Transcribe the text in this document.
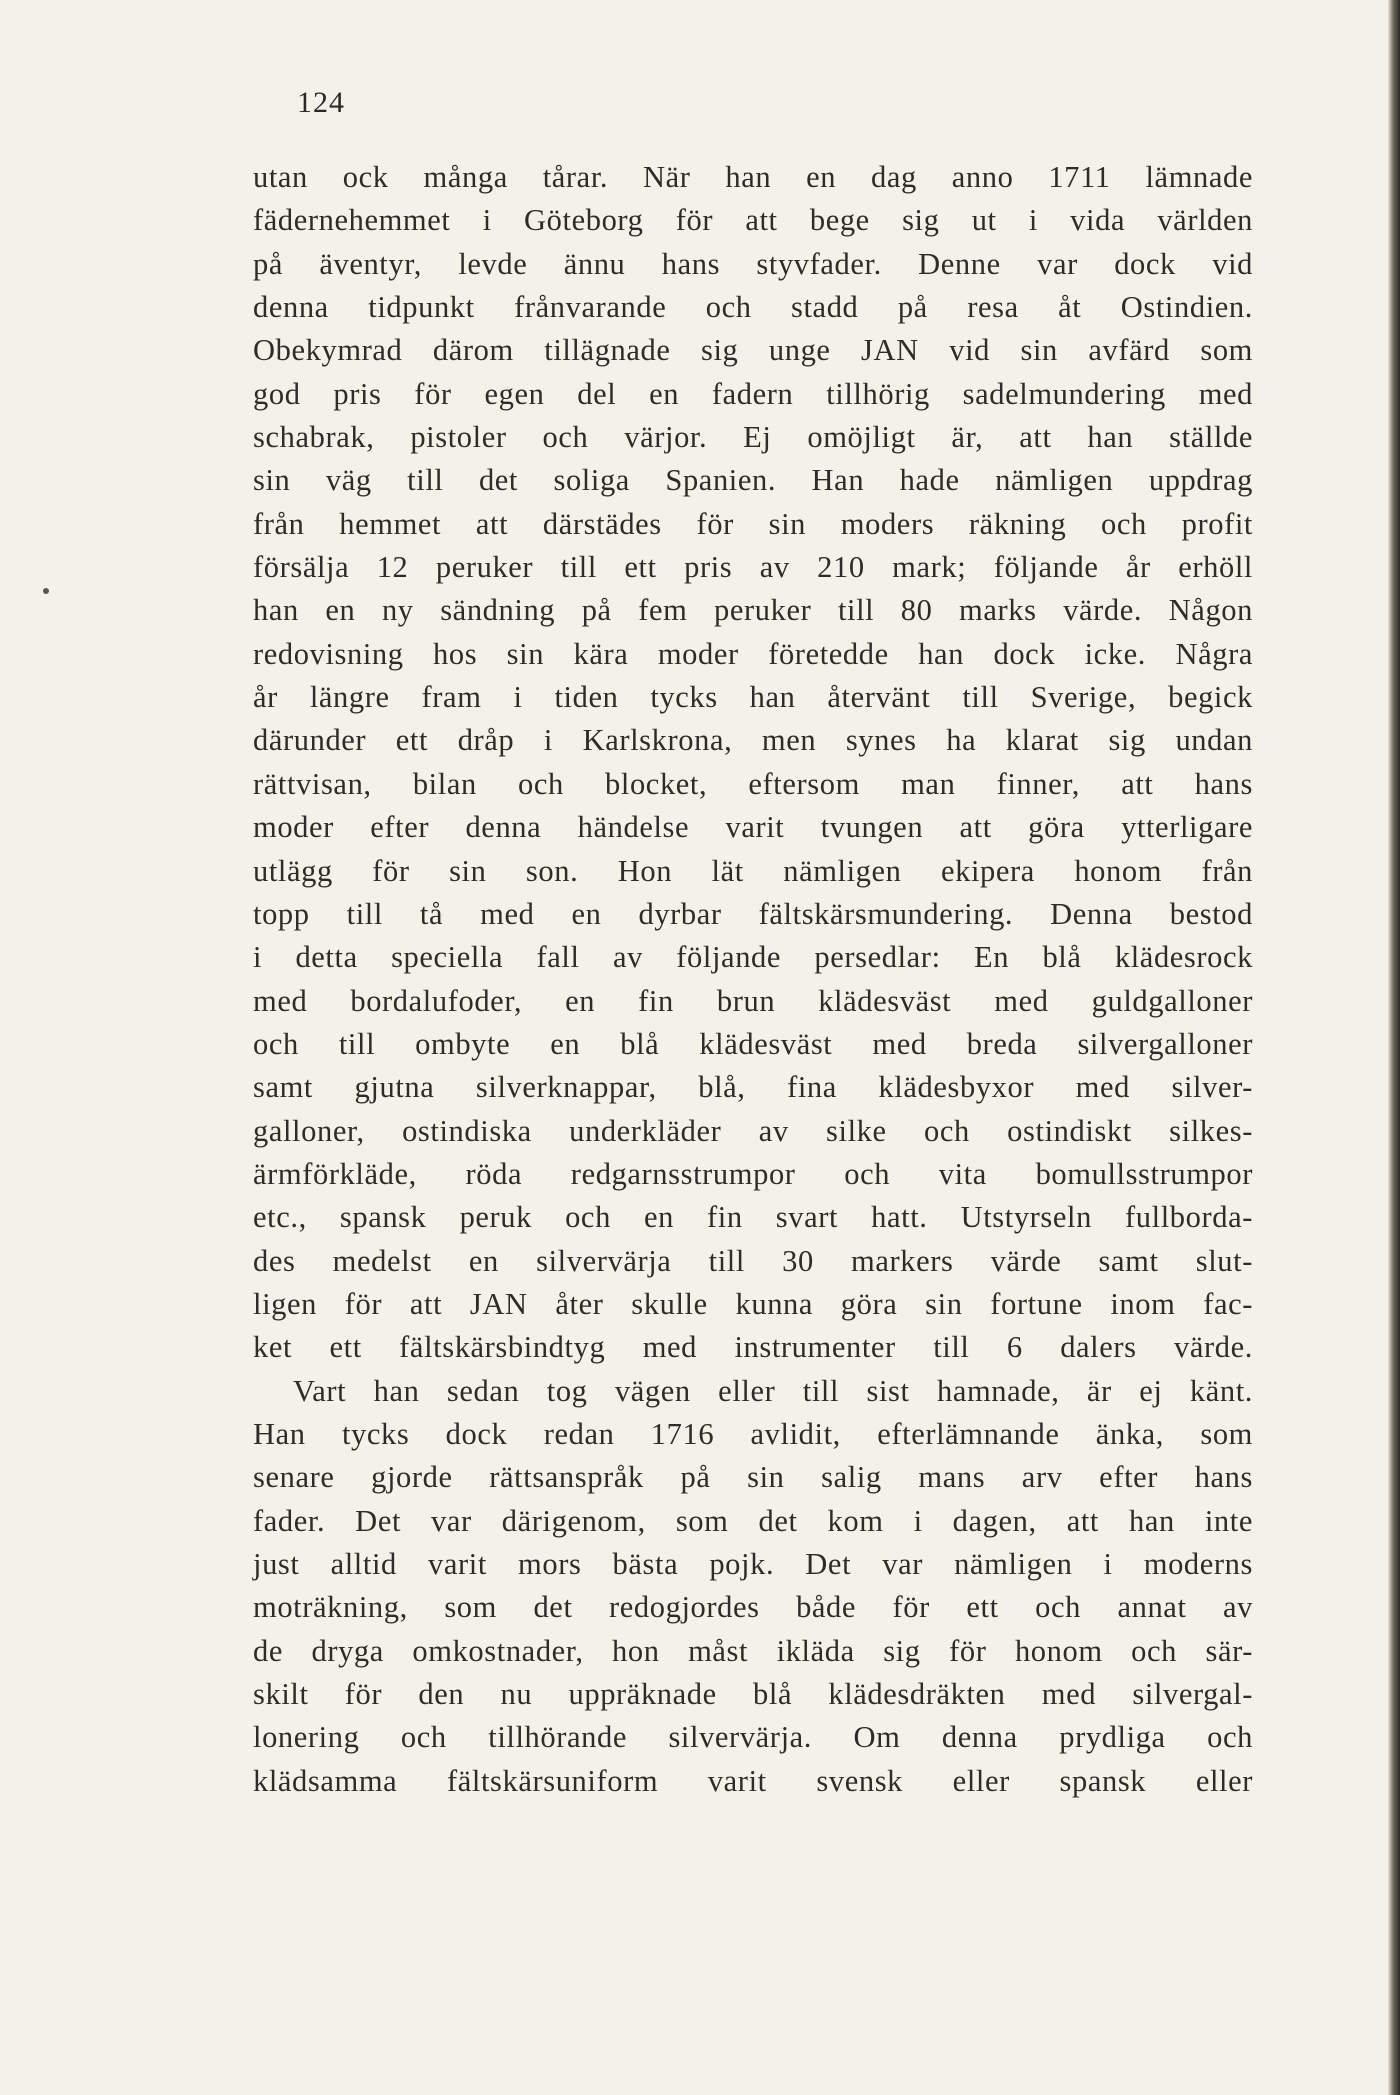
124
utan ock många tårar. När han en dag anno 1711 lämnade
fädernehemmet i Göteborg för att bege sig ut i vida världen
på äventyr, levde ännu hans styvfader. Denne var dock vid
denna tidpunkt frånvarande och stadd på resa åt Ostindien.
Obekymrad därom tillägnade sig unge JAN vid sin avfärd som
god pris för egen del en fadern tillhörig sadelmundering med
schabrak, pistoler och värjor. Ej omöjligt är, att han ställde
sin väg till det soliga Spanien. Han hade nämligen uppdrag
från hemmet att därstädes för sin moders räkning och profit
försälja 12 peruker till ett pris av 210 mark; följande år erhöll
han en ny sändning på fem peruker till 80 marks värde. Någon
redovisning hos sin kära moder företedde han dock icke. Några
år längre fram i tiden tycks han återvänt till Sverige, begick
därunder ett dråp i Karlskrona, men synes ha klarat sig undan
rättvisan, bilan och blocket, eftersom man finner, att hans
moder efter denna händelse varit tvungen att göra ytterligare
utlägg för sin son. Hon lät nämligen ekipera honom från
topp till tå med en dyrbar fältskärsmundering. Denna bestod
i detta speciella fall av följande persedlar: En blå klädesrock
med bordalufoder, en fin brun klädesväst med guldgalloner
och till ombyte en blå klädesväst med breda silvergalloner
samt gjutna silverknappar, blå, fina klädesbyxor med silver-
galloner, ostindiska underkläder av silke och ostindiskt silkes-
ärmförkläde, röda redgarnsstrumpor och vita bomullsstrumpor
etc., spansk peruk och en fin svart hatt. Utstyrseln fullborda-
des medelst en silvervärja till 30 markers värde samt slut-
ligen för att JAN åter skulle kunna göra sin fortune inom fac-
ket ett fältskärsbindtyg med instrumenter till 6 dalers värde.
Vart han sedan tog vägen eller till sist hamnade, är ej känt.
Han tycks dock redan 1716 avlidit, efterlämnande änka, som
senare gjorde rättsanspråk på sin salig mans arv efter hans
fader. Det var därigenom, som det kom i dagen, att han inte
just alltid varit mors bästa pojk. Det var nämligen i moderns
moträkning, som det redogjordes både för ett och annat av
de dryga omkostnader, hon måst ikläda sig för honom och sär-
skilt för den nu uppräknade blå klädesdräkten med silvergal-
lonering och tillhörande silvervärja. Om denna prydliga och
klädsamma fältskärsuniform varit svensk eller spansk eller
